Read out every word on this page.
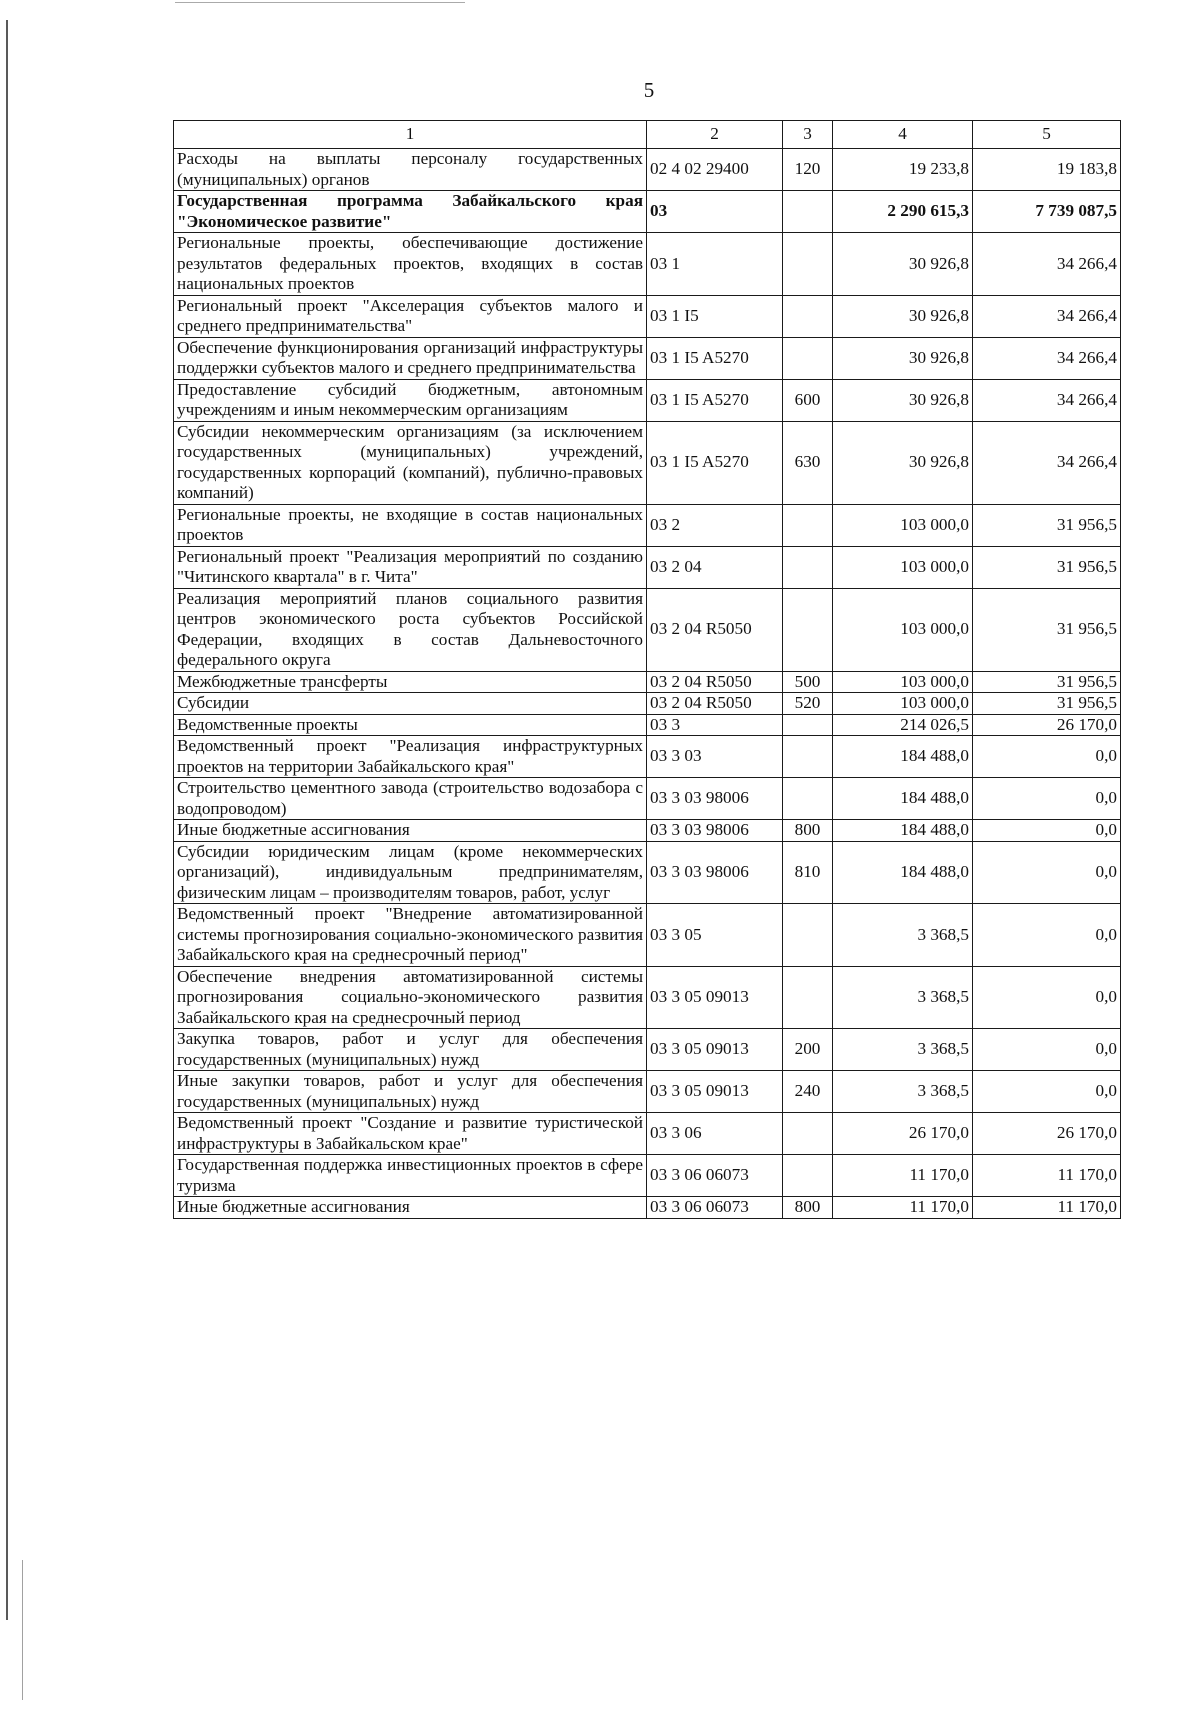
5
1	2	3	4	5
Расходы на выплаты персоналу государственных (муниципальных) органов	02 4 02 29400	120	19 233,8	19 183,8
Государственная программа Забайкальского края "Экономическое развитие"	03		2 290 615,3	7 739 087,5
Региональные проекты, обеспечивающие достижение результатов федеральных проектов, входящих в состав национальных проектов	03 1		30 926,8	34 266,4
Региональный проект "Акселерация субъектов малого и среднего предпринимательства"	03 1 I5		30 926,8	34 266,4
Обеспечение функционирования организаций инфраструктуры поддержки субъектов малого и среднего предпринимательства	03 1 I5 A5270		30 926,8	34 266,4
Предоставление субсидий бюджетным, автономным учреждениям и иным некоммерческим организациям	03 1 I5 A5270	600	30 926,8	34 266,4
Субсидии некоммерческим организациям (за исключением государственных (муниципальных) учреждений, государственных корпораций (компаний), публично-правовых компаний)	03 1 I5 A5270	630	30 926,8	34 266,4
Региональные проекты, не входящие в состав национальных проектов	03 2		103 000,0	31 956,5
Региональный проект "Реализация мероприятий по созданию "Читинского квартала" в г. Чита"	03 2 04		103 000,0	31 956,5
Реализация мероприятий планов социального развития центров экономического роста субъектов Российской Федерации, входящих в состав Дальневосточного федерального округа	03 2 04 R5050		103 000,0	31 956,5
Межбюджетные трансферты	03 2 04 R5050	500	103 000,0	31 956,5
Субсидии	03 2 04 R5050	520	103 000,0	31 956,5
Ведомственные проекты	03 3		214 026,5	26 170,0
Ведомственный проект "Реализация инфраструктурных проектов на территории Забайкальского края"	03 3 03		184 488,0	0,0
Строительство цементного завода (строительство водозабора с водопроводом)	03 3 03 98006		184 488,0	0,0
Иные бюджетные ассигнования	03 3 03 98006	800	184 488,0	0,0
Субсидии юридическим лицам (кроме некоммерческих организаций), индивидуальным предпринимателям, физическим лицам – производителям товаров, работ, услуг	03 3 03 98006	810	184 488,0	0,0
Ведомственный проект "Внедрение автоматизированной системы прогнозирования социально-экономического развития Забайкальского края на среднесрочный период"	03 3 05		3 368,5	0,0
Обеспечение внедрения автоматизированной системы прогнозирования социально-экономического развития Забайкальского края на среднесрочный период	03 3 05 09013		3 368,5	0,0
Закупка товаров, работ и услуг для обеспечения государственных (муниципальных) нужд	03 3 05 09013	200	3 368,5	0,0
Иные закупки товаров, работ и услуг для обеспечения государственных (муниципальных) нужд	03 3 05 09013	240	3 368,5	0,0
Ведомственный проект "Создание и развитие туристической инфраструктуры в Забайкальском крае"	03 3 06		26 170,0	26 170,0
Государственная поддержка инвестиционных проектов в сфере туризма	03 3 06 06073		11 170,0	11 170,0
Иные бюджетные ассигнования	03 3 06 06073	800	11 170,0	11 170,0
